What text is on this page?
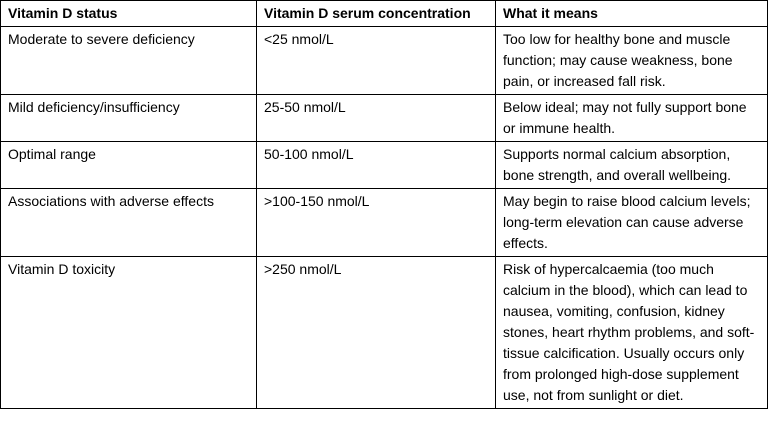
Vitamin D status	Vitamin D serum concentration	What it means
Moderate to severe deficiency	<25 nmol/L	Too low for healthy bone and muscle function; may cause weakness, bone pain, or increased fall risk.
Mild deficiency/insufficiency	25-50 nmol/L	Below ideal; may not fully support bone or immune health.
Optimal range	50-100 nmol/L	Supports normal calcium absorption, bone strength, and overall wellbeing.
Associations with adverse effects	>100-150 nmol/L	May begin to raise blood calcium levels; long-term elevation can cause adverse effects.
Vitamin D toxicity	>250 nmol/L	Risk of hypercalcaemia (too much calcium in the blood), which can lead to nausea, vomiting, confusion, kidney stones, heart rhythm problems, and soft-tissue calcification. Usually occurs only from prolonged high-dose supplement use, not from sunlight or diet.
